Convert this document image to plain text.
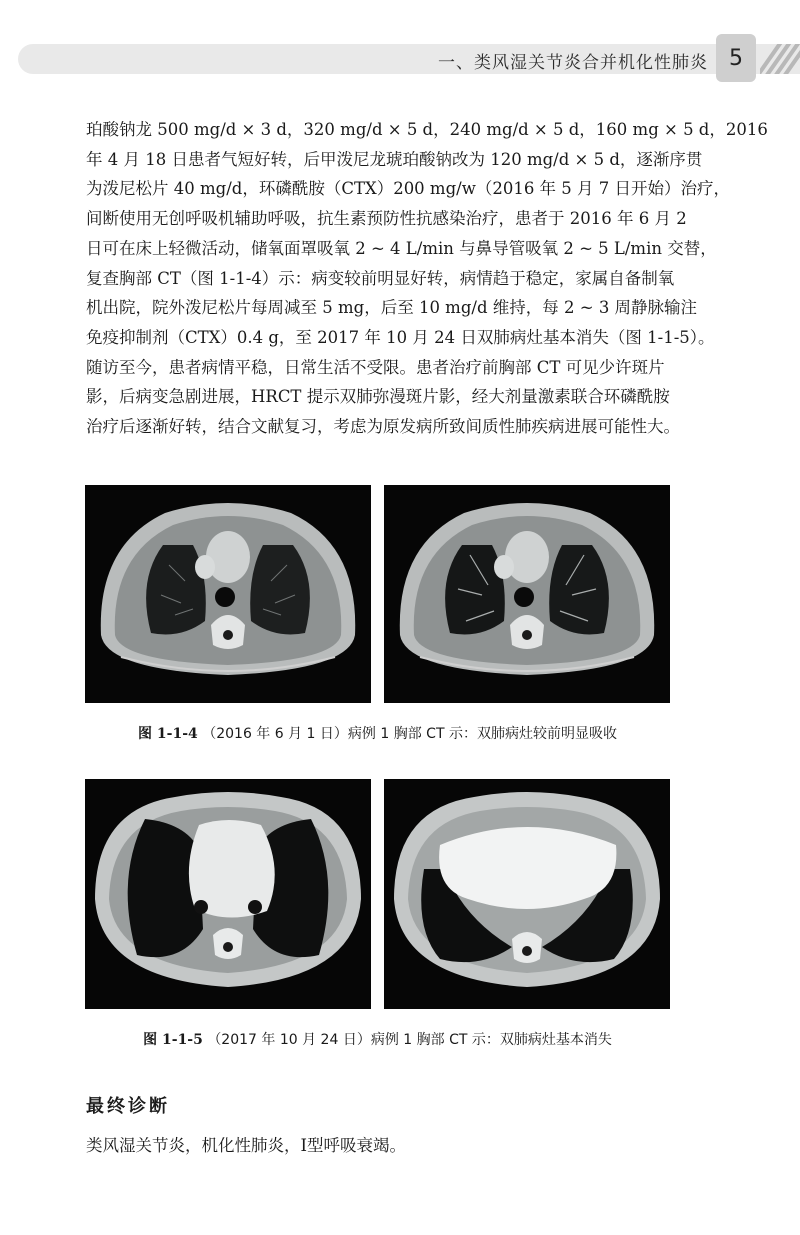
一、类风湿关节炎合并机化性肺炎 5

珀酸钠龙 500 mg/d × 3 d，320 mg/d × 5 d，240 mg/d × 5 d，160 mg × 5 d，2016
年 4 月 18 日患者气短好转，后甲泼尼龙琥珀酸钠改为 120 mg/d × 5 d，逐渐序贯
为泼尼松片 40 mg/d，环磷酰胺（CTX）200 mg/w（2016 年 5 月 7 日开始）治疗，
间断使用无创呼吸机辅助呼吸，抗生素预防性抗感染治疗，患者于 2016 年 6 月 2
日可在床上轻微活动，储氧面罩吸氧 2 ~ 4 L/min 与鼻导管吸氧 2 ~ 5 L/min 交替，
复查胸部 CT（图 1-1-4）示：病变较前明显好转，病情趋于稳定，家属自备制氧
机出院，院外泼尼松片每周减至 5 mg，后至 10 mg/d 维持，每 2 ~ 3 周静脉输注
免疫抑制剂（CTX）0.4 g，至 2017 年 10 月 24 日双肺病灶基本消失（图 1-1-5）。
随访至今，患者病情平稳，日常生活不受限。患者治疗前胸部 CT 可见少许斑片
影，后病变急剧进展，HRCT 提示双肺弥漫斑片影，经大剂量激素联合环磷酰胺
治疗后逐渐好转，结合文献复习，考虑为原发病所致间质性肺疾病进展可能性大。

图 1-1-4 （2016 年 6 月 1 日）病例 1 胸部 CT 示：双肺病灶较前明显吸收
图 1-1-5 （2017 年 10 月 24 日）病例 1 胸部 CT 示：双肺病灶基本消失
最终诊断
类风湿关节炎，机化性肺炎，Ⅰ型呼吸衰竭。
